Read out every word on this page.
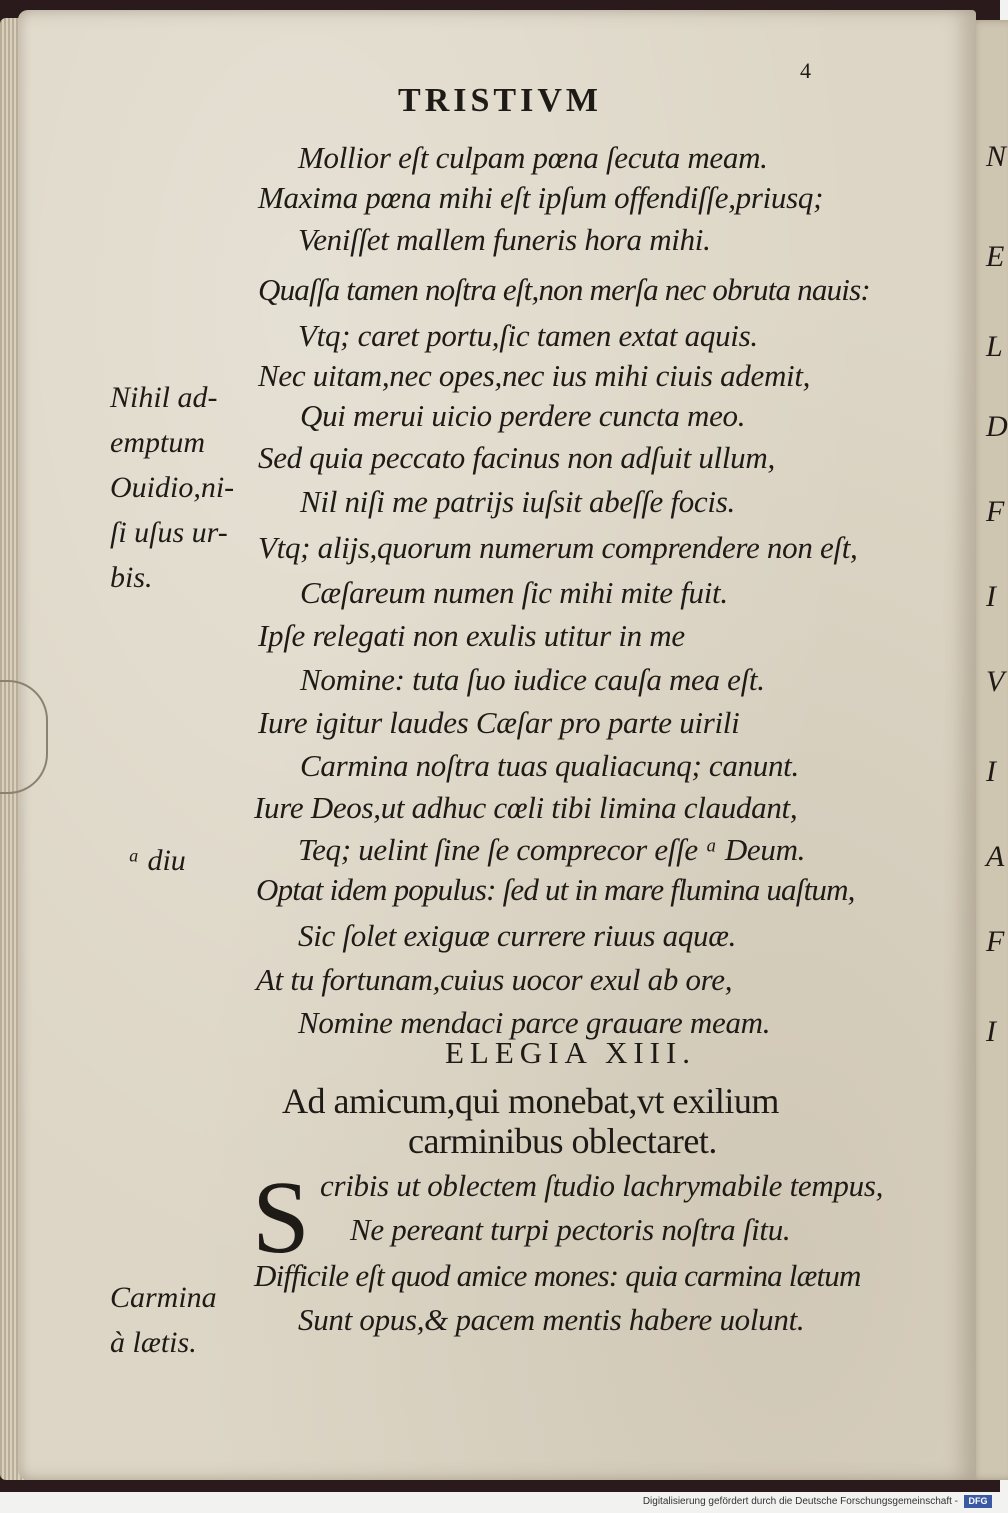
N
E
L
D
F
I
V
I
A
F
I
4
TRISTIVM
Mollior eſt culpam pœna ſecuta meam.
Maxima pœna mihi eſt ipſum offendiſſe,priusq;
Veniſſet mallem funeris hora mihi.
Quaſſa tamen noſtra eſt,non merſa nec obruta nauis:
Vtq; caret portu,ſic tamen extat aquis.
Nec uitam,nec opes,nec ius mihi ciuis ademit,
Qui merui uicio perdere cuncta meo.
Sed quia peccato facinus non adſuit ullum,
Nil niſi me patrijs iuſsit abeſſe focis.
Vtq; alijs,quorum numerum comprendere non eſt,
Cæſareum numen ſic mihi mite fuit.
Ipſe relegati non exulis utitur in me
Nomine: tuta ſuo iudice cauſa mea eſt.
Iure igitur laudes Cæſar pro parte uirili
Carmina noſtra tuas qualiacunq; canunt.
Iure Deos,ut adhuc cœli tibi limina claudant,
Teq; uelint ſine ſe comprecor eſſe ᵃ Deum.
Optat idem populus: ſed ut in mare flumina uaſtum,
Sic ſolet exiguæ currere riuus aquæ.
At tu fortunam,cuius uocor exul ab ore,
Nomine mendaci parce grauare meam.
Nihil ad-
emptum
Ouidio,ni-
ſi uſus ur-
bis.
ᵃ diu
ELEGIA XIII.
Ad amicum,qui monebat,vt exilium
carminibus oblectaret.
S cribis ut oblectem ſtudio lachrymabile tempus,
Ne pereant turpi pectoris noſtra ſitu.
Difficile eſt quod amice mones: quia carmina lætum
Sunt opus,& pacem mentis habere uolunt.
Carmina
à lætis.
Digitalisierung gefördert durch die Deutsche Forschungsgemeinschaft -	DFG
